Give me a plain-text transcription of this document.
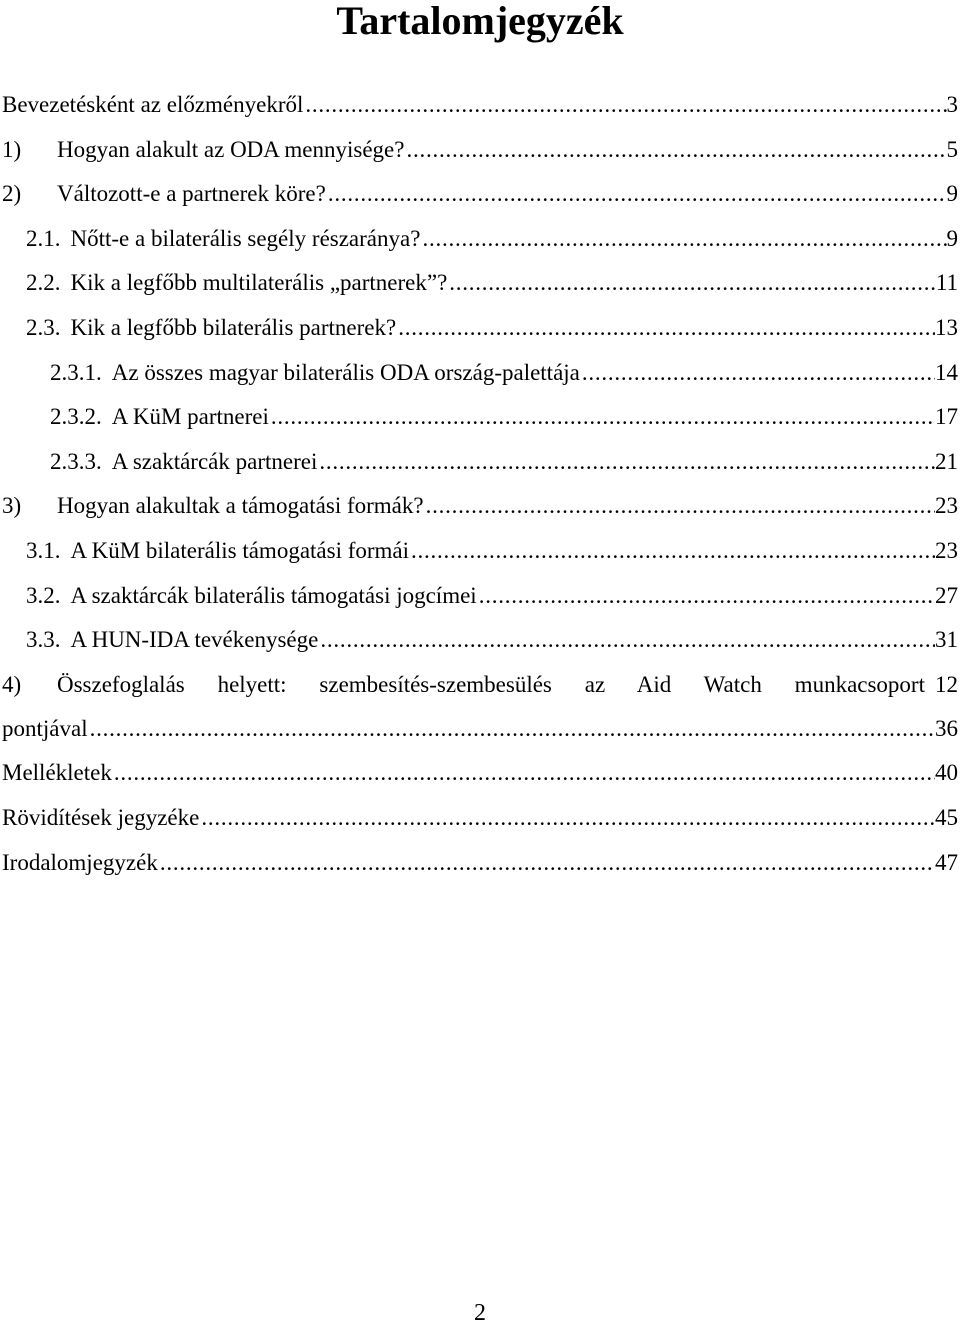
Tartalomjegyzék
Bevezetésként az előzményekről . . .	3
1)	Hogyan alakult az ODA mennyisége? . . .	5
2)	Változott-e a partnerek köre? . . .	9
2.1. Nőtt-e a bilaterális segély részaránya? . . .	9
2.2. Kik a legfőbb multilaterális „partnerek”? . . .	11
2.3. Kik a legfőbb bilaterális partnerek? . . .	13
2.3.1. Az összes magyar bilaterális ODA ország-palettája . . .	14
2.3.2. A KüM partnerei . . .	17
2.3.3. A szaktárcák partnerei . . .	21
3)	Hogyan alakultak a támogatási formák? . . .	23
3.1. A KüM bilaterális támogatási formái . . .	23
3.2. A szaktárcák bilaterális támogatási jogcímei . . .	27
3.3. A HUN-IDA tevékenysége . . .	31
4)	Összefoglalás helyett: szembesítés-szembesülés az Aid Watch munkacsoport 12
pontjával . . .	36
Mellékletek . . .	40
Rövidítések jegyzéke . . .	45
Irodalomjegyzék . . .	47
2
